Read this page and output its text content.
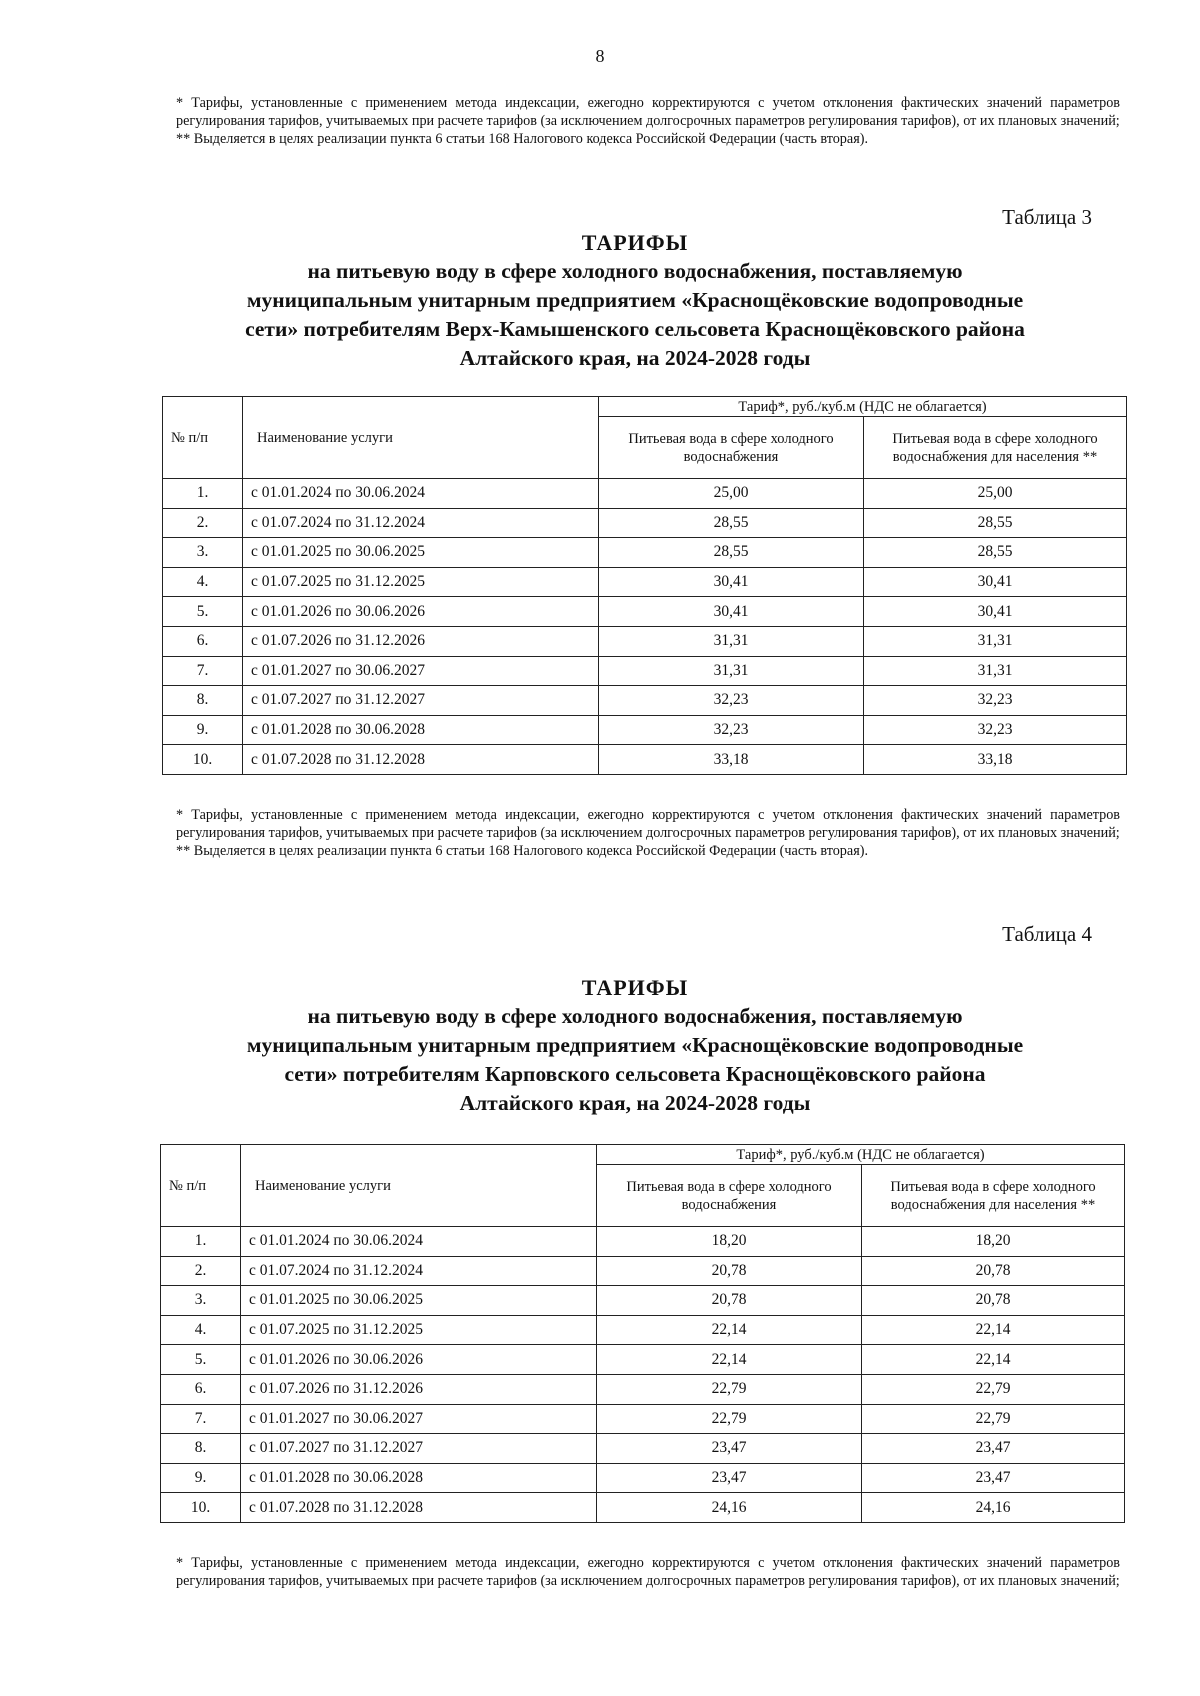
8

* Тарифы, установленные с применением метода индексации, ежегодно корректируются с учетом отклонения фактических значений параметров регулирования тарифов, учитываемых при расчете тарифов (за исключением долгосрочных параметров регулирования тарифов), от их плановых значений;

** Выделяется в целях реализации пункта 6 статьи 168 Налогового кодекса Российской Федерации (часть вторая).

Таблица 3
ТАРИФЫ
на питьевую воду в сфере холодного водоснабжения, поставляемую
муниципальным унитарным предприятием «Краснощёковские водопроводные
сети» потребителям Верх-Камышенского сельсовета Краснощёковского района
Алтайского края, на 2024-2028 годы
№ п/п	Наименование услуги	Тариф*, руб./куб.м (НДС не облагается)	
		Питьевая вода в сфере холодного водоснабжения	Питьевая вода в сфере холодного водоснабжения для населения **
1.	с 01.01.2024 по 30.06.2024	25,00	25,00
2.	с 01.07.2024 по 31.12.2024	28,55	28,55
3.	с 01.01.2025 по 30.06.2025	28,55	28,55
4.	с 01.07.2025 по 31.12.2025	30,41	30,41
5.	с 01.01.2026 по 30.06.2026	30,41	30,41
6.	с 01.07.2026 по 31.12.2026	31,31	31,31
7.	с 01.01.2027 по 30.06.2027	31,31	31,31
8.	с 01.07.2027 по 31.12.2027	32,23	32,23
9.	с 01.01.2028 по 30.06.2028	32,23	32,23
10.	с 01.07.2028 по 31.12.2028	33,18	33,18

* Тарифы, установленные с применением метода индексации, ежегодно корректируются с учетом отклонения фактических значений параметров регулирования тарифов, учитываемых при расчете тарифов (за исключением долгосрочных параметров регулирования тарифов), от их плановых значений;

** Выделяется в целях реализации пункта 6 статьи 168 Налогового кодекса Российской Федерации (часть вторая).

Таблица 4
ТАРИФЫ
на питьевую воду в сфере холодного водоснабжения, поставляемую
муниципальным унитарным предприятием «Краснощёковские водопроводные
сети» потребителям Карповского сельсовета Краснощёковского района
Алтайского края, на 2024-2028 годы
№ п/п	Наименование услуги	Тариф*, руб./куб.м (НДС не облагается)	
		Питьевая вода в сфере холодного водоснабжения	Питьевая вода в сфере холодного водоснабжения для населения **
1.	с 01.01.2024 по 30.06.2024	18,20	18,20
2.	с 01.07.2024 по 31.12.2024	20,78	20,78
3.	с 01.01.2025 по 30.06.2025	20,78	20,78
4.	с 01.07.2025 по 31.12.2025	22,14	22,14
5.	с 01.01.2026 по 30.06.2026	22,14	22,14
6.	с 01.07.2026 по 31.12.2026	22,79	22,79
7.	с 01.01.2027 по 30.06.2027	22,79	22,79
8.	с 01.07.2027 по 31.12.2027	23,47	23,47
9.	с 01.01.2028 по 30.06.2028	23,47	23,47
10.	с 01.07.2028 по 31.12.2028	24,16	24,16

* Тарифы, установленные с применением метода индексации, ежегодно корректируются с учетом отклонения фактических значений параметров регулирования тарифов, учитываемых при расчете тарифов (за исключением долгосрочных параметров регулирования тарифов), от их плановых значений;
